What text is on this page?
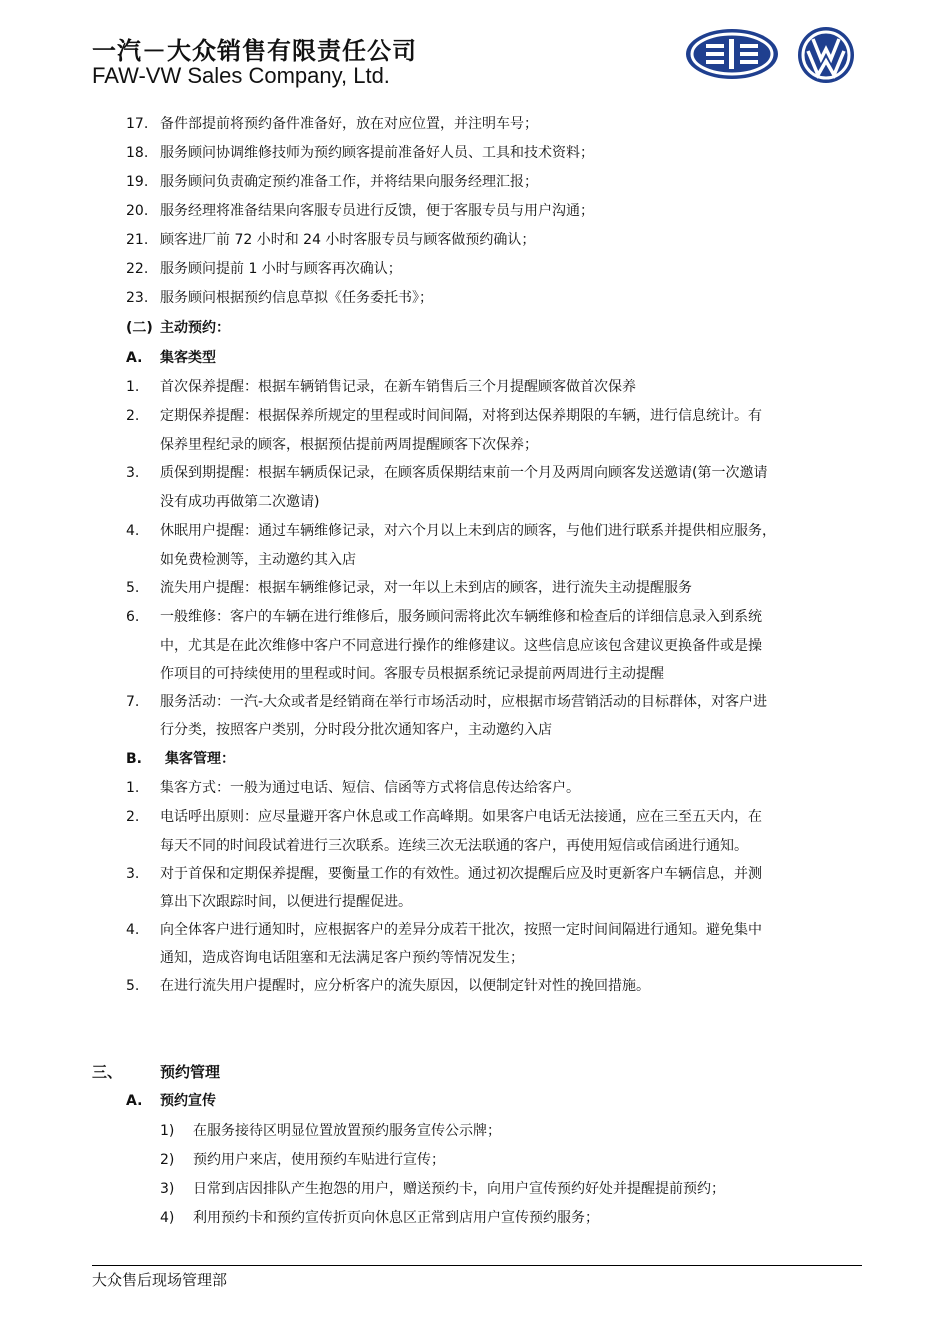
一汽－大众销售有限责任公司
FAW-VW Sales Company, Ltd.
17. 备件部提前将预约备件准备好，放在对应位置，并注明车号；
18. 服务顾问协调维修技师为预约顾客提前准备好人员、工具和技术资料；
19. 服务顾问负责确定预约准备工作，并将结果向服务经理汇报；
20. 服务经理将准备结果向客服专员进行反馈，便于客服专员与用户沟通；
21. 顾客进厂前 72 小时和 24 小时客服专员与顾客做预约确认；
22. 服务顾问提前 1 小时与顾客再次确认；
23. 服务顾问根据预约信息草拟《任务委托书》；
(二) 主动预约：
A. 集客类型
1. 首次保养提醒：根据车辆销售记录，在新车销售后三个月提醒顾客做首次保养
2. 定期保养提醒：根据保养所规定的里程或时间间隔，对将到达保养期限的车辆，进行信息统计。有
保养里程纪录的顾客，根据预估提前两周提醒顾客下次保养；
3. 质保到期提醒：根据车辆质保记录，在顾客质保期结束前一个月及两周向顾客发送邀请(第一次邀请
没有成功再做第二次邀请)
4. 休眠用户提醒：通过车辆维修记录，对六个月以上未到店的顾客，与他们进行联系并提供相应服务，
如免费检测等，主动邀约其入店
5. 流失用户提醒：根据车辆维修记录，对一年以上未到店的顾客，进行流失主动提醒服务
6. 一般维修：客户的车辆在进行维修后，服务顾问需将此次车辆维修和检查后的详细信息录入到系统
中，尤其是在此次维修中客户不同意进行操作的维修建议。这些信息应该包含建议更换备件或是操
作项目的可持续使用的里程或时间。客服专员根据系统记录提前两周进行主动提醒
7. 服务活动：一汽-大众或者是经销商在举行市场活动时，应根据市场营销活动的目标群体，对客户进
行分类，按照客户类别，分时段分批次通知客户，主动邀约入店
B. 集客管理：
1. 集客方式：一般为通过电话、短信、信函等方式将信息传达给客户。
2. 电话呼出原则：应尽量避开客户休息或工作高峰期。如果客户电话无法接通，应在三至五天内，在
每天不同的时间段试着进行三次联系。连续三次无法联通的客户，再使用短信或信函进行通知。
3. 对于首保和定期保养提醒，要衡量工作的有效性。通过初次提醒后应及时更新客户车辆信息，并测
算出下次跟踪时间，以便进行提醒促进。
4. 向全体客户进行通知时，应根据客户的差异分成若干批次，按照一定时间间隔进行通知。避免集中
通知，造成咨询电话阻塞和无法满足客户预约等情况发生；
5. 在进行流失用户提醒时，应分析客户的流失原因，以便制定针对性的挽回措施。
三、	预约管理
A. 预约宣传
1) 在服务接待区明显位置放置预约服务宣传公示牌；
2) 预约用户来店，使用预约车贴进行宣传；
3) 日常到店因排队产生抱怨的用户，赠送预约卡，向用户宣传预约好处并提醒提前预约；
4) 利用预约卡和预约宣传折页向休息区正常到店用户宣传预约服务；
大众售后现场管理部
